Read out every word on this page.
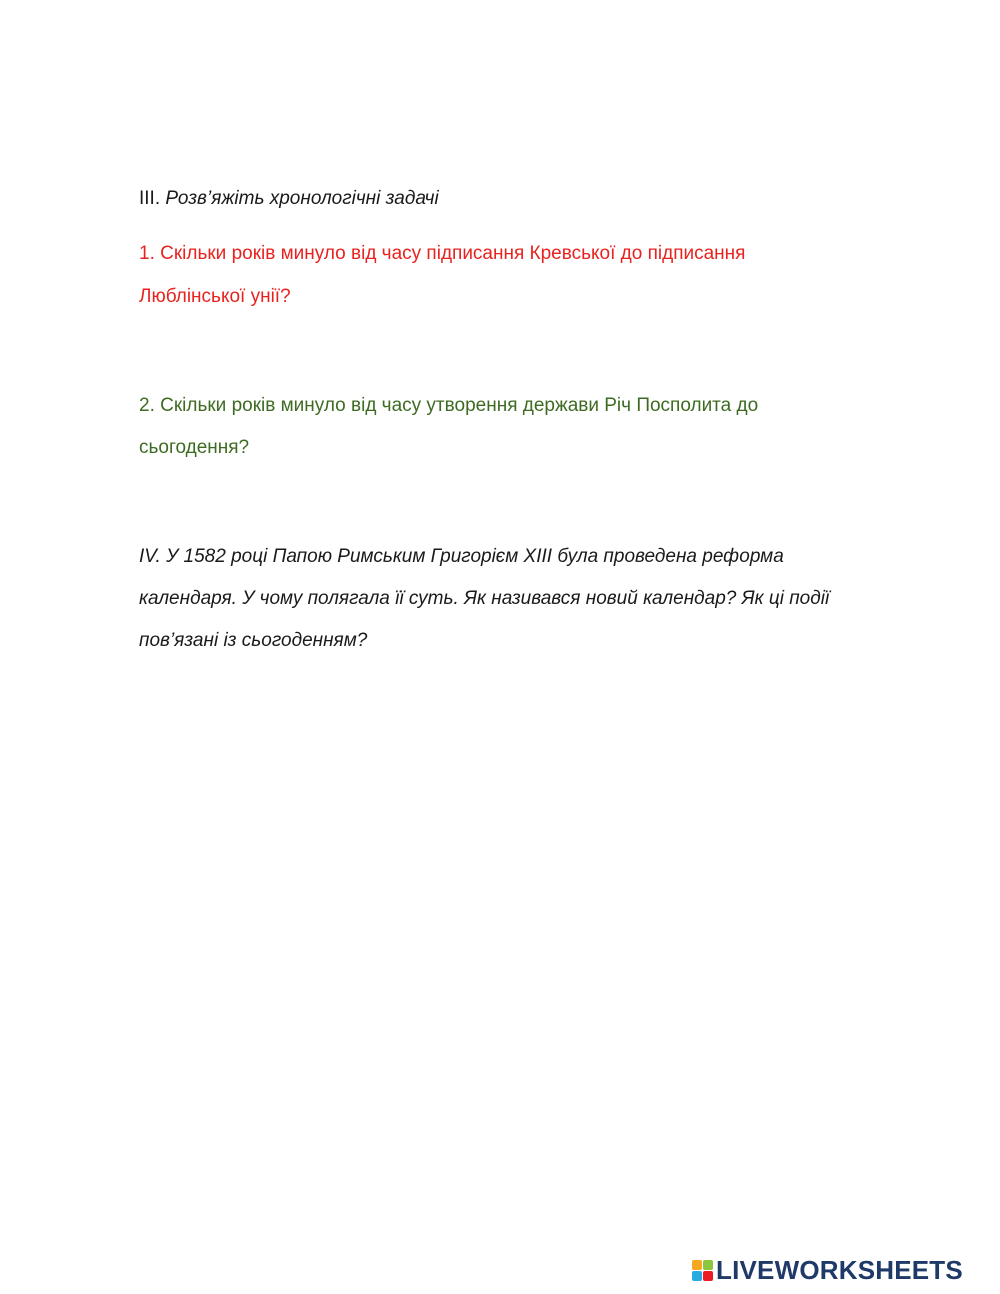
III. Розв’яжіть хронологічні задачі
1. Скільки років минуло від часу підписання Кревської до підписання
Люблінської унії?
2. Скільки років минуло від часу утворення держави Річ Посполита до
сьогодення?
IV. У 1582 році Папою Римським Григорієм XIII була проведена реформа
календаря. У чому полягала її суть. Як називався новий календар? Як ці події
пов’язані із сьогоденням?
LIVEWORKSHEETS
